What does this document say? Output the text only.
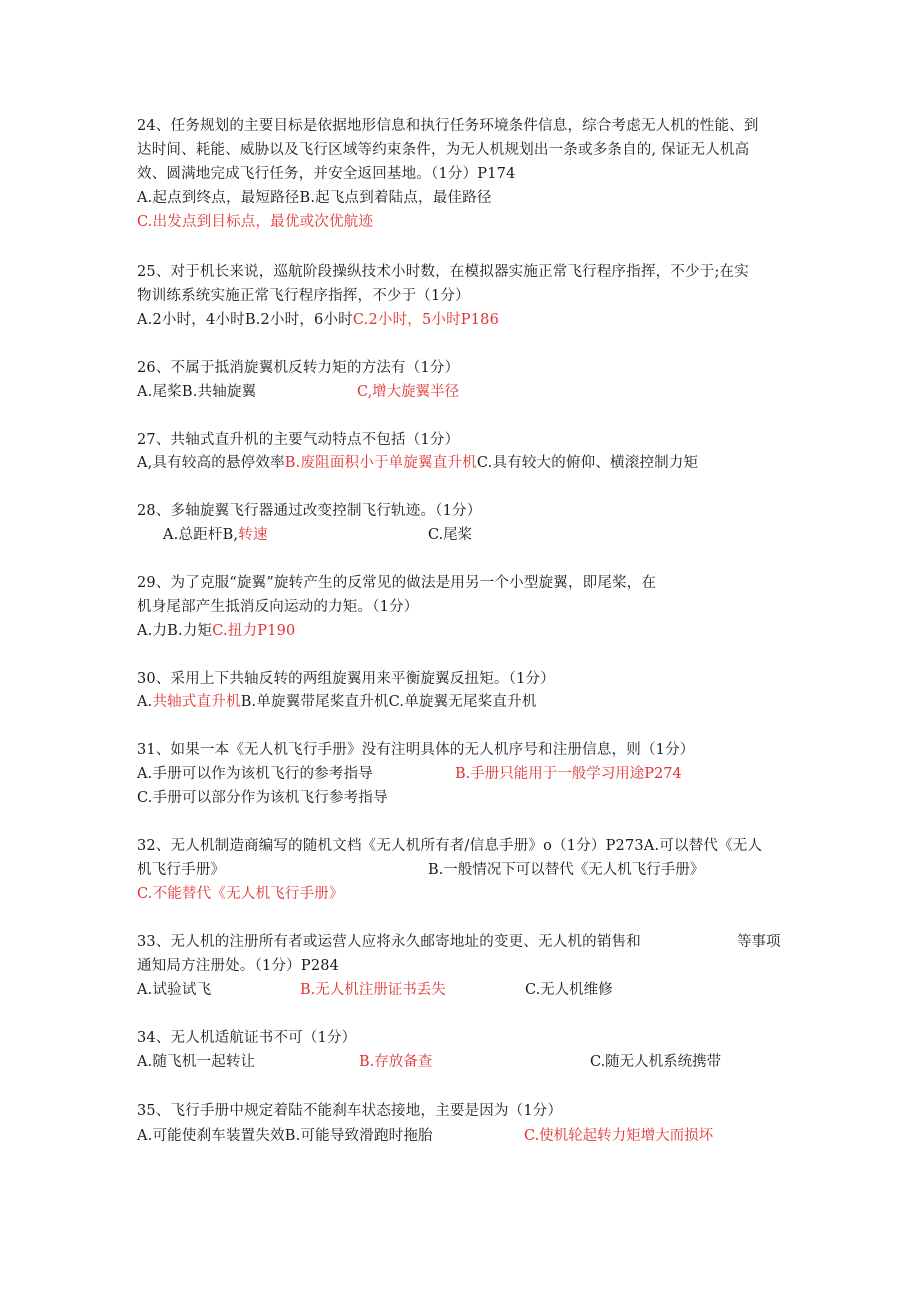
24、任务规划的主要目标是依据地形信息和执行任务环境条件信息，综合考虑无人机的性能、到
达时间、耗能、威胁以及飞行区域等约束条件，为无人机规划出一条或多条自的, 保证无人机高
效、圆满地完成飞行任务，并安全返回基地。（1分）P174
A.起点到终点，最短路径B.起飞点到着陆点，最佳路径
C.出发点到目标点，最优或次优航迹
25、对于机长来说，巡航阶段操纵技术小时数，在模拟器实施正常飞行程序指挥，不少于;在实
物训练系统实施正常飞行程序指挥，不少于（1分）
A.2小时，4小时B.2小时，6小时C.2小时，5小时P186
26、不属于抵消旋翼机反转力矩的方法有（1分）
A.尾桨B.共轴旋翼	C,增大旋翼半径
27、共轴式直升机的主要气动特点不包括（1分）
A,具有较高的悬停效率B.废阻面积小于单旋翼直升机C.具有较大的俯仰、横滚控制力矩
28、多轴旋翼飞行器通过改变控制飞行轨迹。（1分）
A.总距杆B,转速	C.尾桨
29、为了克服“旋翼”旋转产生的反常见的做法是用另一个小型旋翼，即尾桨，在
机身尾部产生抵消反向运动的力矩。（1分）
A.力B.力矩C.扭力P190
30、采用上下共轴反转的两组旋翼用来平衡旋翼反扭矩。（1分）
A.共轴式直升机B.单旋翼带尾桨直升机C.单旋翼无尾桨直升机
31、如果一本《无人机飞行手册》没有注明具体的无人机序号和注册信息，则（1分）
A.手册可以作为该机飞行的参考指导	B.手册只能用于一般学习用途P274
C.手册可以部分作为该机飞行参考指导
32、无人机制造商编写的随机文档《无人机所有者/信息手册》o（1分）P273A.可以替代《无人
机飞行手册》	B.一般情况下可以替代《无人机飞行手册》
C.不能替代《无人机飞行手册》
33、无人机的注册所有者或运营人应将永久邮寄地址的变更、无人机的销售和	等事项
通知局方注册处。（1分）P284
A.试验试飞	B.无人机注册证书丢失	C.无人机维修
34、无人机适航证书不可（1分）
A.随飞机一起转让	B.存放备查	C.随无人机系统携带
35、飞行手册中规定着陆不能刹车状态接地，主要是因为（1分）
A.可能使刹车装置失效B.可能导致滑跑时拖胎	C.使机轮起转力矩增大而损坏
